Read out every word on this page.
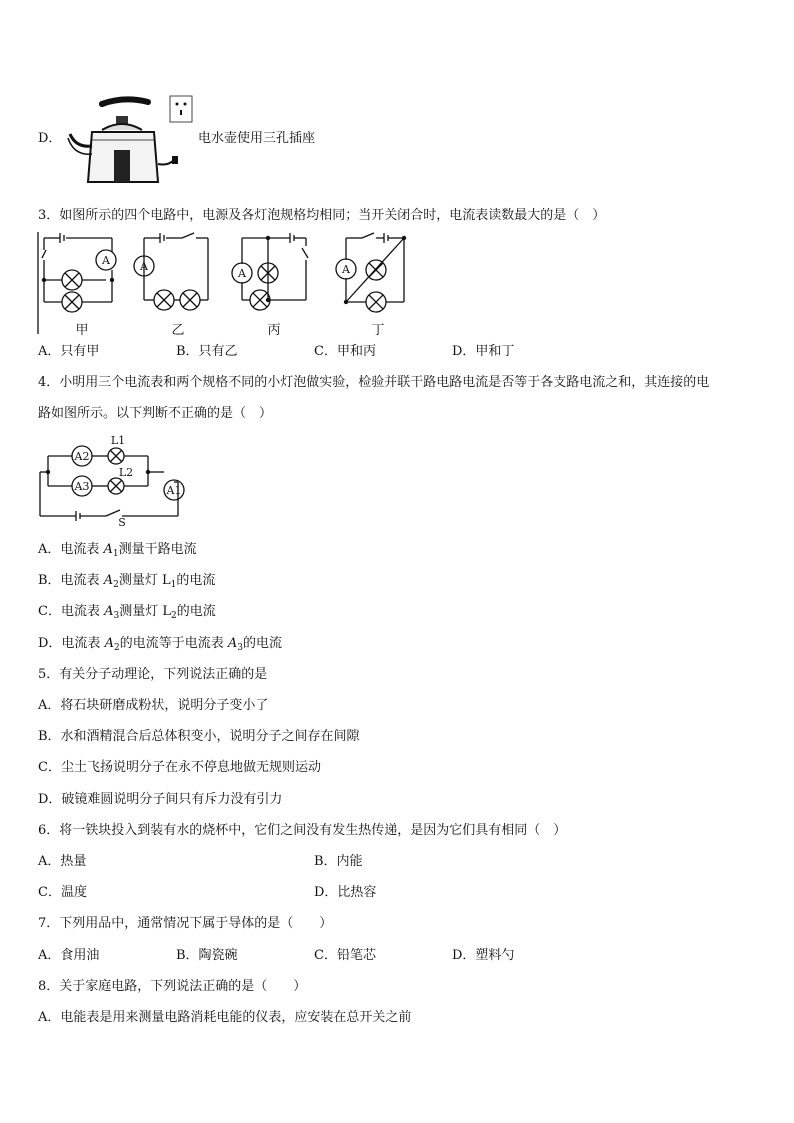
D．	电水壶使用三孔插座
3．如图所示的四个电路中，电源及各灯泡规格均相同；当开关闭合时，电流表读数最大的是（　）
A	A
A	A
甲	乙	丙	丁
A．只有甲	B．只有乙	C．甲和丙	D．甲和丁
4．小明用三个电流表和两个规格不同的小灯泡做实验，检验并联干路电路电流是否等于各支路电流之和，其连接的电
路如图所示。以下判断不正确的是（　）
A2
A3	A1
L1
L2
S
A．电流表 $A_1$测量干路电流
B．电流表 $A_2$测量灯 $L_1$的电流
C．电流表 $A_3$测量灯 $L_2$的电流
D．电流表 $A_2$的电流等于电流表 $A_3$的电流
5．有关分子动理论，下列说法正确的是
A．将石块研磨成粉状，说明分子变小了
B．水和酒精混合后总体积变小，说明分子之间存在间隙
C．尘土飞扬说明分子在永不停息地做无规则运动
D．破镜难圆说明分子间只有斥力没有引力
6．将一铁块投入到装有水的烧杯中，它们之间没有发生热传递，是因为它们具有相同（　）
A．热量	B．内能
C．温度	D．比热容
7．下列用品中，通常情况下属于导体的是（　　）
A．食用油	B．陶瓷碗	C．铅笔芯	D．塑料勺
8．关于家庭电路，下列说法正确的是（　　）
A．电能表是用来测量电路消耗电能的仪表，应安装在总开关之前
